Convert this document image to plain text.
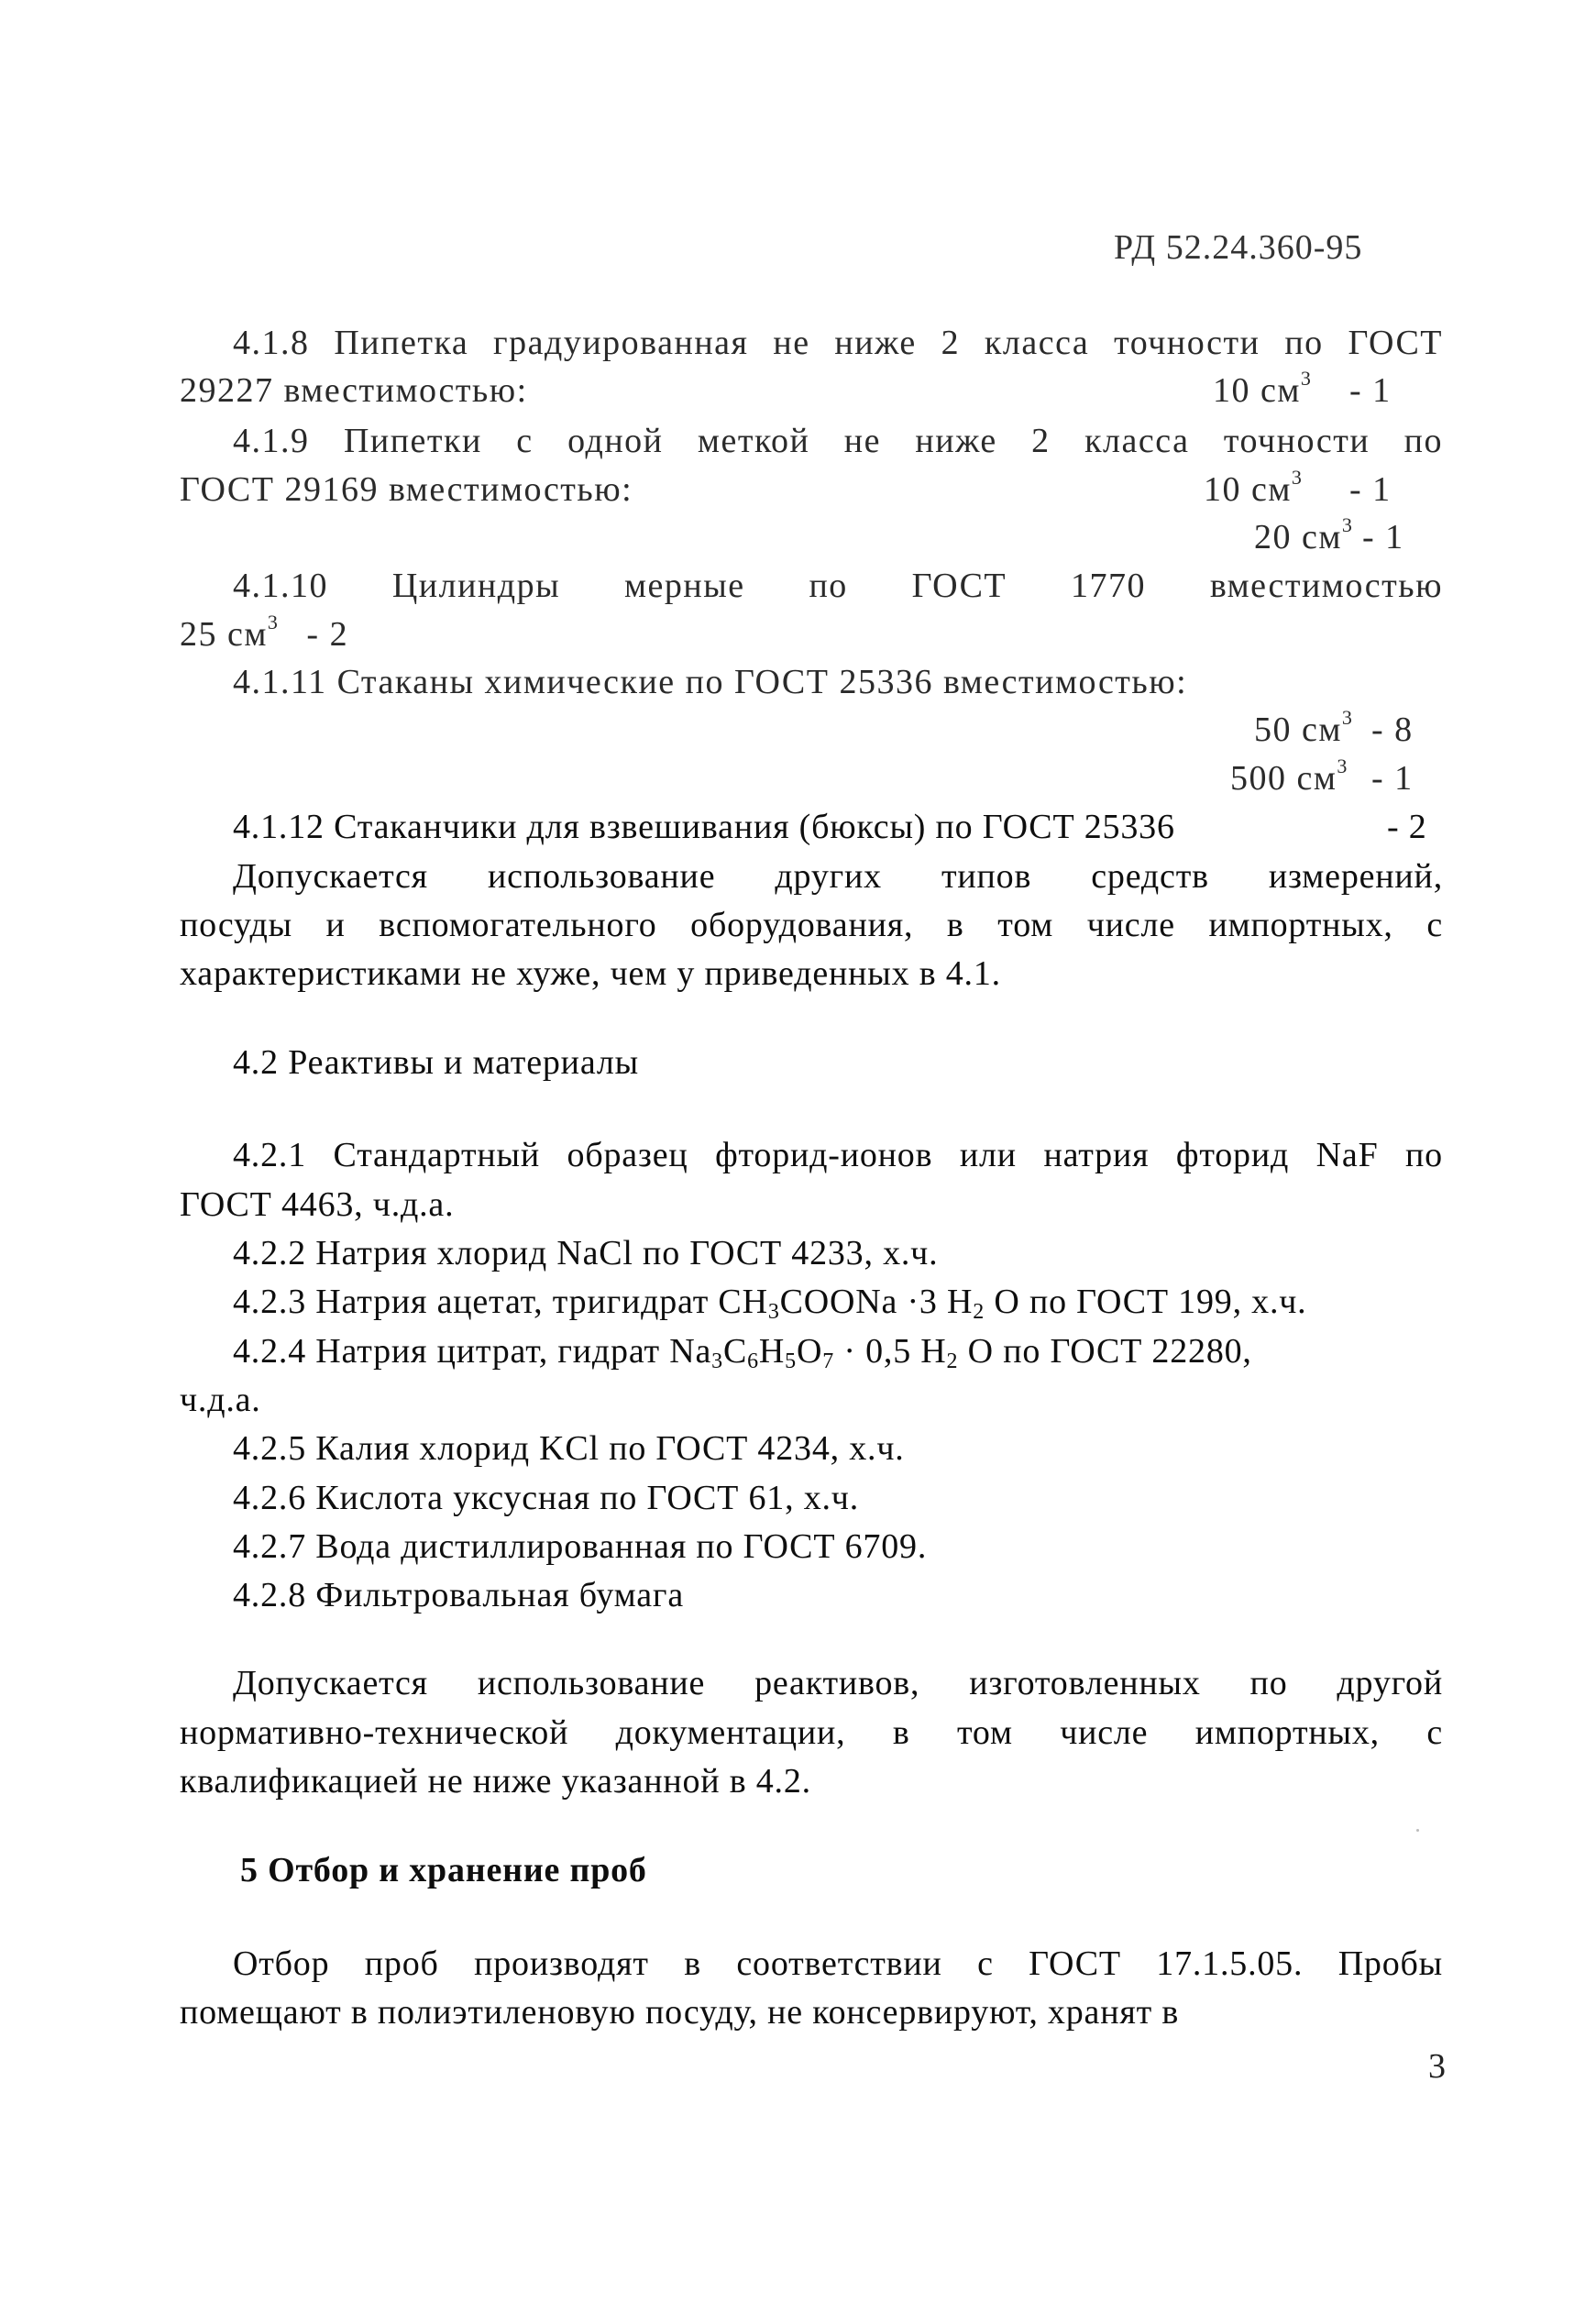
РД 52.24.360-95
4.1.8 Пипетка градуированная не ниже 2 класса точности по ГОСТ
29227 вместимостью:	10 $см^3 - 1$
4.1.9 Пипетки с одной меткой не ниже 2 класса точности по
ГОСТ 29169 вместимостью:	10 $см^3 - 1$
20 $см^3 - 1$
4.1.10 Цилиндры мерные по ГОСТ 1770 вместимостью
25 $см^3 - 2$
4.1.11 Стаканы химические по ГОСТ 25336 вместимостью:
50 $см^3 - 8$
500 $см^3 - 1$
4.1.12 Стаканчики для взвешивания (бюксы) по ГОСТ 25336	- 2
Допускается использование других типов средств измерений,
посуды и вспомогательного оборудования, в том числе импортных, с
характеристиками не хуже, чем у приведенных в 4.1.
4.2 Реактивы и материалы
4.2.1 Стандартный образец фторид-ионов или натрия фторид NaF по
ГОСТ 4463, ч.д.а.
4.2.2 Натрия хлорид NaCl по ГОСТ 4233, х.ч.
4.2.3 Натрия ацетат, тригидрат $CH_3COONa \cdot 3$ $H_2$ O по ГОСТ 199, х.ч.
4.2.4 Натрия цитрат, гидрат $Na_3C_6H_5O_7 \cdot 0,5$ $H_2$ O по ГОСТ 22280,
ч.д.а.
4.2.5 Калия хлорид KCl по ГОСТ 4234, х.ч.
4.2.6 Кислота уксусная по ГОСТ 61, х.ч.
4.2.7 Вода дистиллированная по ГОСТ 6709.
4.2.8 Фильтровальная бумага
Допускается использование реактивов, изготовленных по другой
нормативно-технической документации, в том числе импортных, с
квалификацией не ниже указанной в 4.2.
5 Отбор и хранение проб
Отбор проб производят в соответствии с ГОСТ 17.1.5.05. Пробы
помещают в полиэтиленовую посуду, не консервируют, хранят в
3
